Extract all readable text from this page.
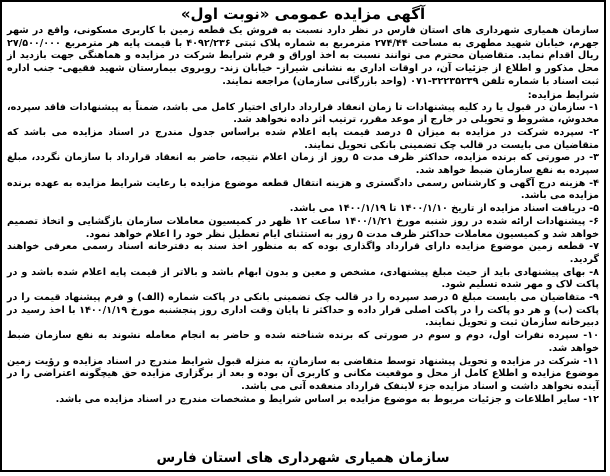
آگهی مزایده عمومی «نوبت اول»

سازمان همیاری شهرداری های استان فارس در نظر دارد نسبت به فروش یک قطعه زمین با کاربری مسکونی، واقع در شهر جهرم، خیابان شهید مطهری به مساحت ۲۷۴/۴۴ مترمربع به شماره پلاک ثبتی ۴۰۹۲/۲۳۶ با قیمت پایه هر مترمربع ۲۷/۵۰۰/۰۰۰ ریال اقدام نماید. متقاضیان محترم می توانند نسبت به اخذ اوراق و فرم شرایط شرکت در مزایده و هماهنگی جهت بازدید از محل مذکور و اطلاع از جزئیات آن، در اوقات اداری به نشانی شیراز- خیابان زند- روبروی بیمارستان شهید فقیهی- جنب اداره ثبت اسناد با شماره تلفن ۳۲۲۳۵۲۳۹-۰۷۱ (واحد بازرگانی سازمان) مراجعه نمایند.

شرایط مزایده:

۱- سازمان در قبول یا رد کلیه پیشنهادات تا زمان انعقاد قرارداد دارای اختیار کامل می باشد، ضمناً به پیشنهادات فاقد سپرده، مخدوش، مشروط و تحویلی در خارج از موعد مقرر، ترتیب اثر داده نخواهد شد.

۲- سپرده شرکت در مزایده به میزان ۵ درصد قیمت پایه اعلام شده براساس جدول مندرج در اسناد مزایده می باشد که متقاضیان می بایست در قالب چک تضمینی بانکی تحویل نمایند.

۳- در صورتی که برنده مزایده، حداکثر ظرف مدت ۵ روز از زمان اعلام نتیجه، حاضر به انعقاد قرارداد با سازمان نگردد، مبلغ سپرده به نفع سازمان ضبط خواهد شد.

۴- هزینه درج آگهی و کارشناس رسمی دادگستری و هزینه انتقال قطعه موضوع مزایده با رعایت شرایط مزایده به عهده برنده مزایده می باشد.

۵- دریافت اسناد مزایده از تاریخ ۱۴۰۰/۱/۱۰ تا ۱۴۰۰/۱/۱۹ می باشد.

۶- پیشنهادات ارائه شده در روز شنبه مورخ ۱۴۰۰/۱/۲۱ ساعت ۱۲ ظهر در کمیسیون معاملات سازمان بازگشایی و اتخاذ تصمیم خواهد شد و کمیسیون معاملات حداکثر ظرف مدت ۵ روز به استثنای ایام تعطیل نظر خود را اعلام خواهد نمود.

۷- قطعه زمین موضوع مزایده دارای قرارداد واگذاری بوده که به منظور اخذ سند به دفترخانه اسناد رسمی معرفی خواهند گردید.

۸- بهای پیشنهادی باید از حیث مبلغ پیشنهادی، مشخص و معین و بدون ابهام باشد و بالاتر از قیمت پایه اعلام شده باشد و در پاکت لاک و مهر شده تسلیم شود.

۹- متقاضیان می بایست مبلغ ۵ درصد سپرده را در قالب چک تضمینی بانکی در پاکت شماره (الف) و فرم پیشنهاد قیمت را در پاکت (ب) و هر دو پاکت را در پاکت اصلی قرار داده و حداکثر تا پایان وقت اداری روز پنجشنبه مورخ ۱۴۰۰/۱/۱۹ با اخذ رسید در دبیرخانه سازمان ثبت و تحویل نمایند.

۱۰- سپرده نفرات اول، دوم و سوم در صورتی که برنده شناخته شده و حاضر به انجام معامله نشوند به نفع سازمان ضبط خواهد شد.

۱۱- شرکت در مزایده و تحویل پیشنهاد توسط متقاضی به سازمان، به منزله قبول شرایط مندرج در اسناد مزایده و رؤیت زمین موضوع مزایده و اطلاع کامل از محل و موقعیت مکانی و کاربری آن بوده و بعد از برگزاری مزایده حق هیچگونه اعتراضی را در آینده نخواهد داشت و اسناد مزایده جزء لاینفک قرارداد منعقده آتی می باشد.

۱۲- سایر اطلاعات و جزئیات مربوط به موضوع مزایده بر اساس شرایط و مشخصات مندرج در اسناد مزایده می باشد.

سازمان همیاری شهرداری های استان فارس
